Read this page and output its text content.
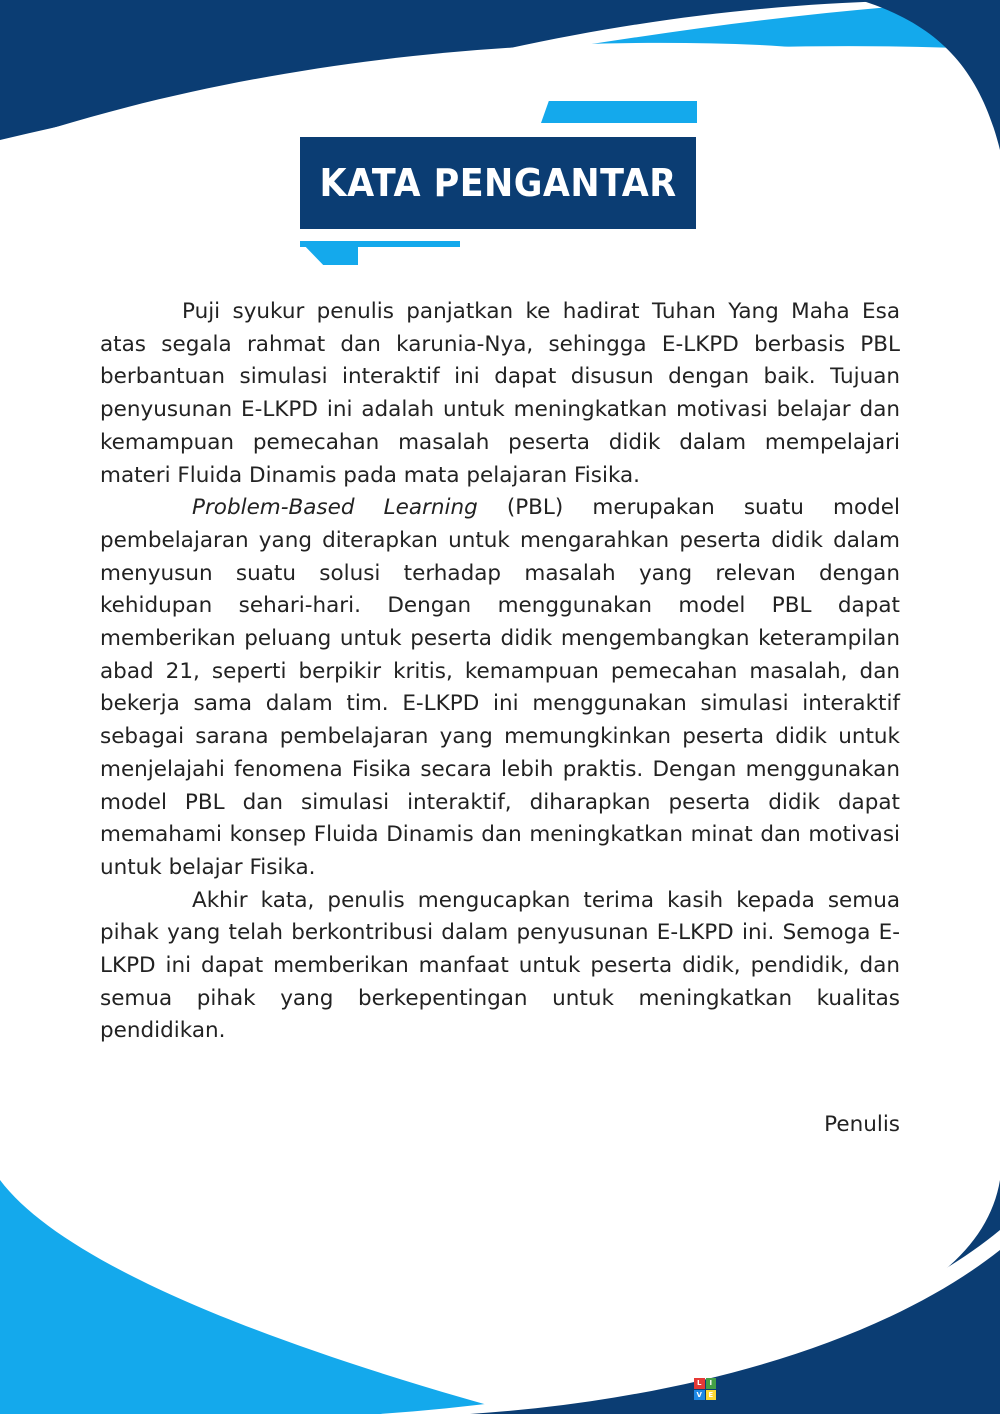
KATA PENGANTAR

Puji syukur penulis panjatkan ke hadirat Tuhan Yang Maha Esa atas segala rahmat dan karunia-Nya, sehingga E-LKPD berbasis PBL berbantuan simulasi interaktif ini dapat disusun dengan baik. Tujuan penyusunan E-LKPD ini adalah untuk meningkatkan motivasi belajar dan kemampuan pemecahan masalah peserta didik dalam mempelajari materi Fluida Dinamis pada mata pelajaran Fisika.

Problem-Based Learning (PBL) merupakan suatu model pembelajaran yang diterapkan untuk mengarahkan peserta didik dalam menyusun suatu solusi terhadap masalah yang relevan dengan kehidupan sehari-hari. Dengan menggunakan model PBL dapat memberikan peluang untuk peserta didik mengembangkan keterampilan abad 21, seperti berpikir kritis, kemampuan pemecahan masalah, dan bekerja sama dalam tim. E-LKPD ini menggunakan simulasi interaktif sebagai sarana pembelajaran yang memungkinkan peserta didik untuk menjelajahi fenomena Fisika secara lebih praktis. Dengan menggunakan model PBL dan simulasi interaktif, diharapkan peserta didik dapat memahami konsep Fluida Dinamis dan meningkatkan minat dan motivasi untuk belajar Fisika.

Akhir kata, penulis mengucapkan terima kasih kepada semua pihak yang telah berkontribusi dalam penyusunan E-LKPD ini. Semoga E-LKPD ini dapat memberikan manfaat untuk peserta didik, pendidik, dan semua pihak yang berkepentingan untuk meningkatkan kualitas pendidikan.

Penulis
L	I
V E
